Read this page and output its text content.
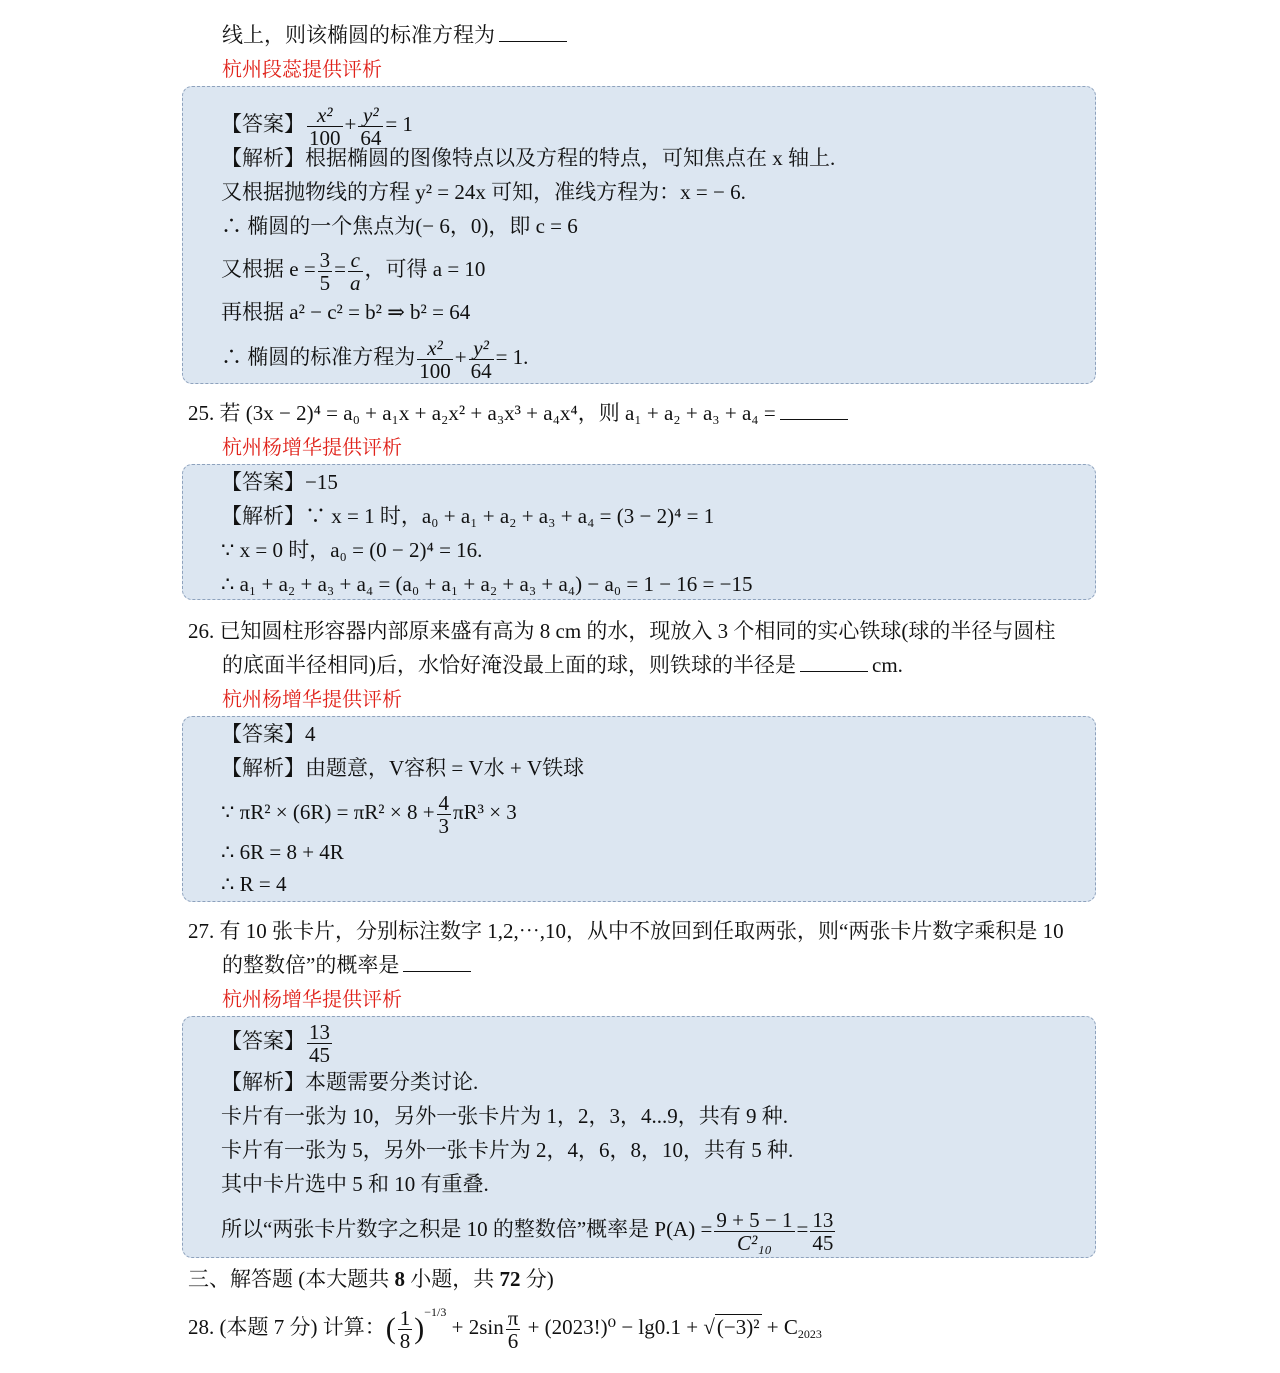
线上，则该椭圆的标准方程为
杭州段蕊提供评析
【答案】 $\frac{\text{x²}}{100} + \frac{\text{y²}}{64} = 1$
【解析】根据椭圆的图像特点以及方程的特点，可知焦点在 x 轴上.
又根据抛物线的方程 y² = 24x 可知，准线方程为：x = − 6.
∴ 椭圆的一个焦点为(− 6，0)，即 c = 6
又根据 $e = \frac{3}{5} = \frac{c}{a}$ ，可得 a = 10
再根据 a² − c² = b² ⇒ b² = 64
∴ 椭圆的标准方程为 $\frac{\text{x²}}{100} + \frac{\text{y²}}{64} = 1$.
25. 若 (3x − 2)⁴ = a₀ + a₁x + a₂x² + a₃x³ + a₄x⁴，则 a₁ + a₂ + a₃ + a₄ =
杭州杨增华提供评析
【答案】−15
【解析】∵ x = 1 时，a₀ + a₁ + a₂ + a₃ + a₄ = (3 − 2)⁴ = 1
∵ x = 0 时，a₀ = (0 − 2)⁴ = 16.
∴ a₁ + a₂ + a₃ + a₄ = (a₀ + a₁ + a₂ + a₃ + a₄) − a₀ = 1 − 16 = −15
26. 已知圆柱形容器内部原来盛有高为 8 cm 的水，现放入 3 个相同的实心铁球(球的半径与圆柱
的底面半径相同)后，水恰好淹没最上面的球，则铁球的半径是	cm.
杭州杨增华提供评析
【答案】4
【解析】由题意，V容积 = V水 + V铁球
∵ $\pi R^2 \times (6R) = \pi R^2 \times 8 + \frac{4}{3} \pi R^3 \times 3$
∴ 6R = 8 + 4R
∴ R = 4
27. 有 10 张卡片，分别标注数字 1,2,⋯,10，从中不放回到任取两张，则“两张卡片数字乘积是 10
的整数倍”的概率是
杭州杨增华提供评析
【答案】 $\frac{13}{45}$
【解析】本题需要分类讨论.
卡片有一张为 10，另外一张卡片为 1，2，3，4...9，共有 9 种.
卡片有一张为 5，另外一张卡片为 2，4，6，8，10，共有 5 种.
其中卡片选中 5 和 10 有重叠.
所以“两张卡片数字之积是 10 的整数倍”概率是 $P(A) = \frac{9 + 5 - 1}{\text{C²₁₀}} = \frac{13}{45}$
三、解答题 (本大题共 8 小题，共 72 分)
28. (本题 7 分) 计算：( $\frac{1}{8} )^{-1/3} + 2\sin \frac{\pi}{6} + (2023!)^0 - \lg 0.1 + √(-3)^2 + C_{2023}$
